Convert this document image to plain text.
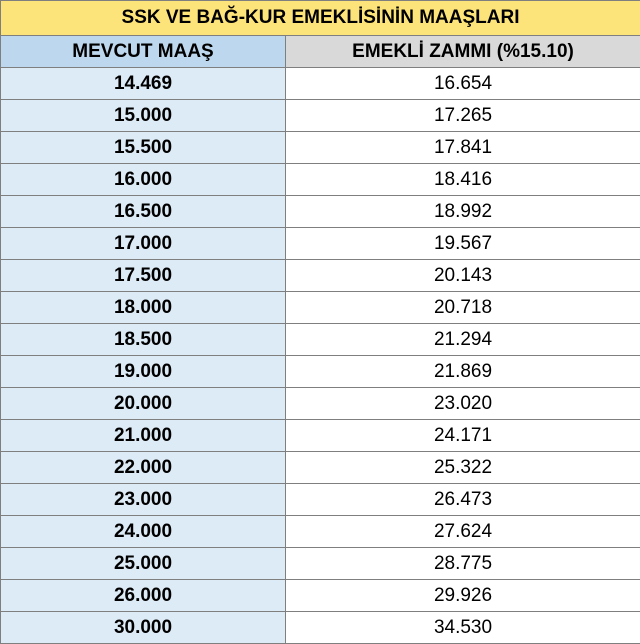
SSK VE BAĞ-KUR EMEKLİSİNİN MAAŞLARI	
MEVCUT MAAŞ	EMEKLİ ZAMMI (%15.10)
14.469	16.654
15.000	17.265
15.500	17.841
16.000	18.416
16.500	18.992
17.000	19.567
17.500	20.143
18.000	20.718
18.500	21.294
19.000	21.869
20.000	23.020
21.000	24.171
22.000	25.322
23.000	26.473
24.000	27.624
25.000	28.775
26.000	29.926
30.000	34.530
